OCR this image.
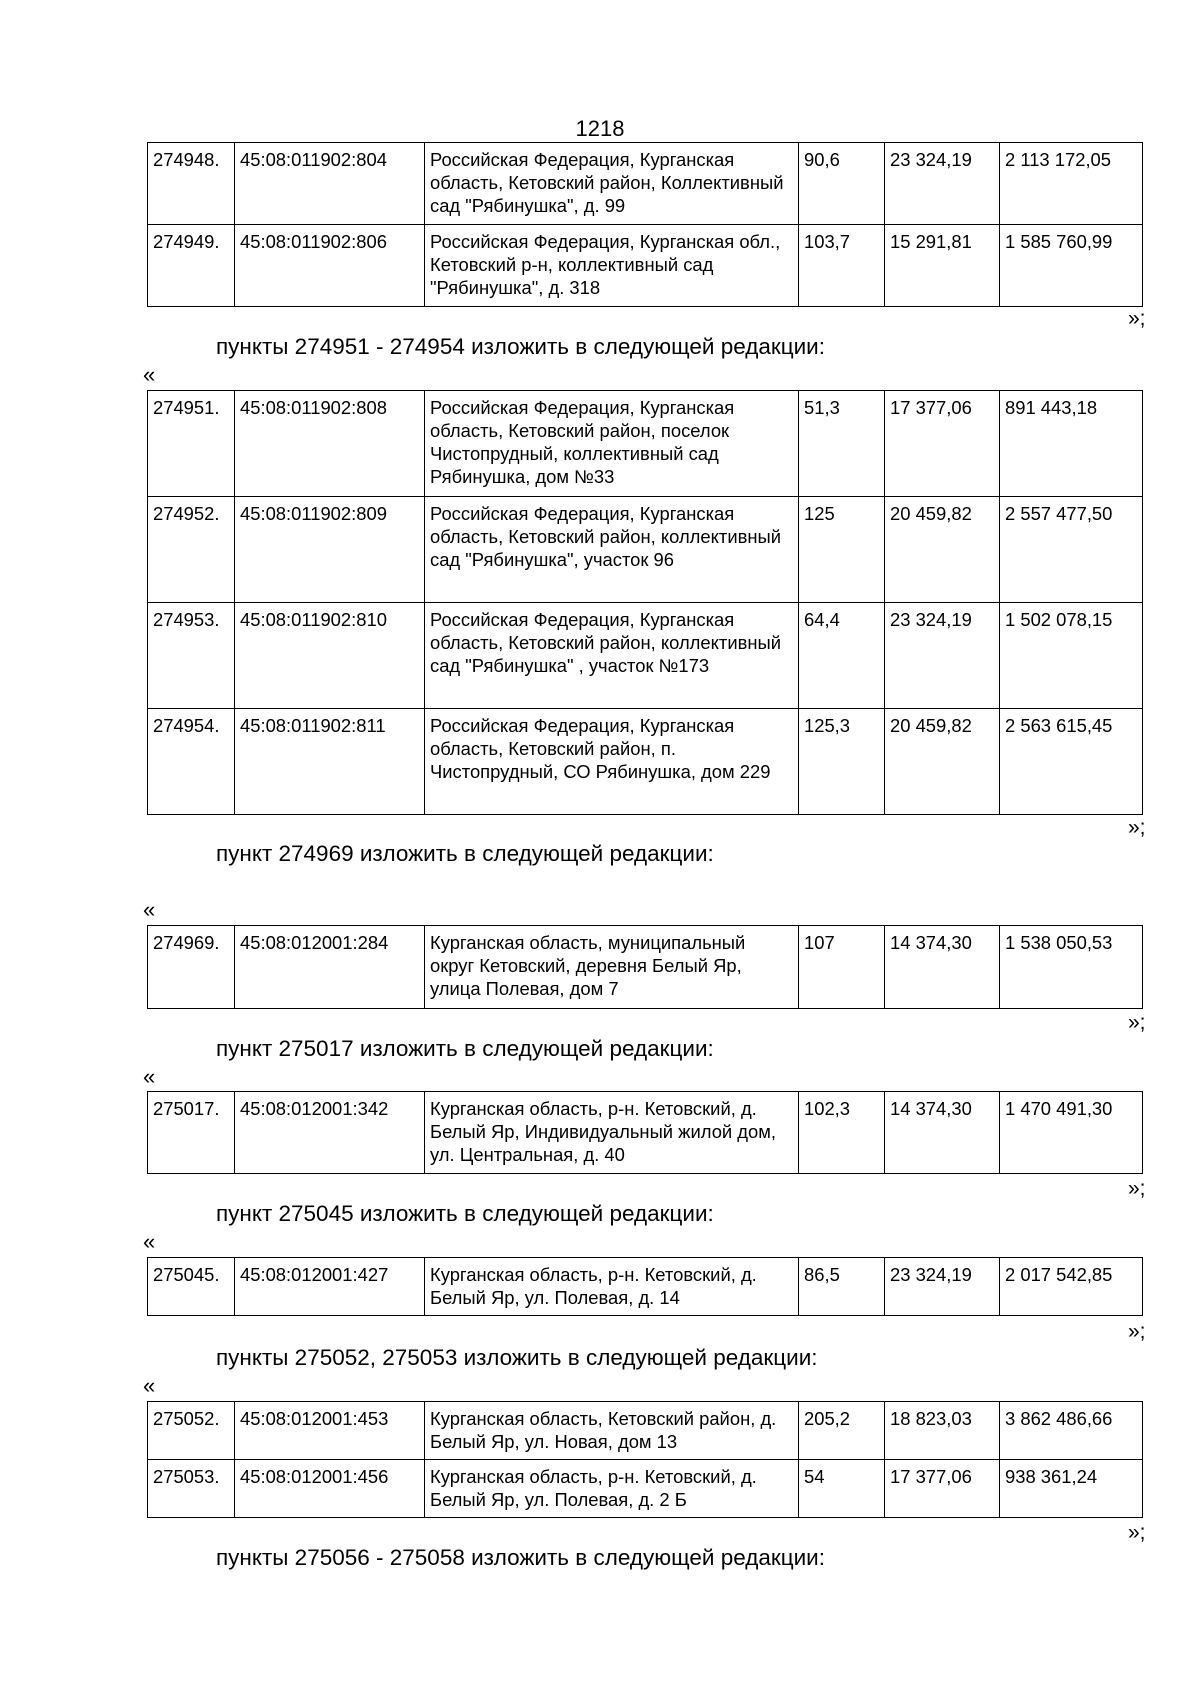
1218
274948.	45:08:011902:804	Российская Федерация, Курганская область, Кетовский район, Коллективный сад "Рябинушка", д. 99	90,6	23 324,19	2 113 172,05
274949.	45:08:011902:806	Российская Федерация, Курганская обл., Кетовский р-н, коллективный сад "Рябинушка", д. 318	103,7	15 291,81	1 585 760,99
»;
пункты 274951 - 274954 изложить в следующей редакции:
«
274951.	45:08:011902:808	Российская Федерация, Курганская область, Кетовский район, поселок Чистопрудный, коллективный сад Рябинушка, дом №33	51,3	17 377,06	891 443,18
274952.	45:08:011902:809	Российская Федерация, Курганская область, Кетовский район, коллективный сад "Рябинушка", участок 96	125	20 459,82	2 557 477,50
274953.	45:08:011902:810	Российская Федерация, Курганская область, Кетовский район, коллективный сад "Рябинушка" , участок №173	64,4	23 324,19	1 502 078,15
274954.	45:08:011902:811	Российская Федерация, Курганская область, Кетовский район, п. Чистопрудный, СО Рябинушка, дом 229	125,3	20 459,82	2 563 615,45
»;
пункт 274969 изложить в следующей редакции:
«
274969.	45:08:012001:284	Курганская область, муниципальный округ Кетовский, деревня Белый Яр, улица Полевая, дом 7	107	14 374,30	1 538 050,53
»;
пункт 275017 изложить в следующей редакции:
«
275017.	45:08:012001:342	Курганская область, р-н. Кетовский, д. Белый Яр, Индивидуальный жилой дом, ул. Центральная, д. 40	102,3	14 374,30	1 470 491,30
»;
пункт 275045 изложить в следующей редакции:
«
275045.	45:08:012001:427	Курганская область, р-н. Кетовский, д. Белый Яр, ул. Полевая, д. 14	86,5	23 324,19	2 017 542,85
»;
пункты 275052, 275053 изложить в следующей редакции:
«
275052.	45:08:012001:453	Курганская область, Кетовский район, д. Белый Яр, ул. Новая, дом 13	205,2	18 823,03	3 862 486,66
275053.	45:08:012001:456	Курганская область, р-н. Кетовский, д. Белый Яр, ул. Полевая, д. 2 Б	54	17 377,06	938 361,24
»;
пункты 275056 - 275058 изложить в следующей редакции:
